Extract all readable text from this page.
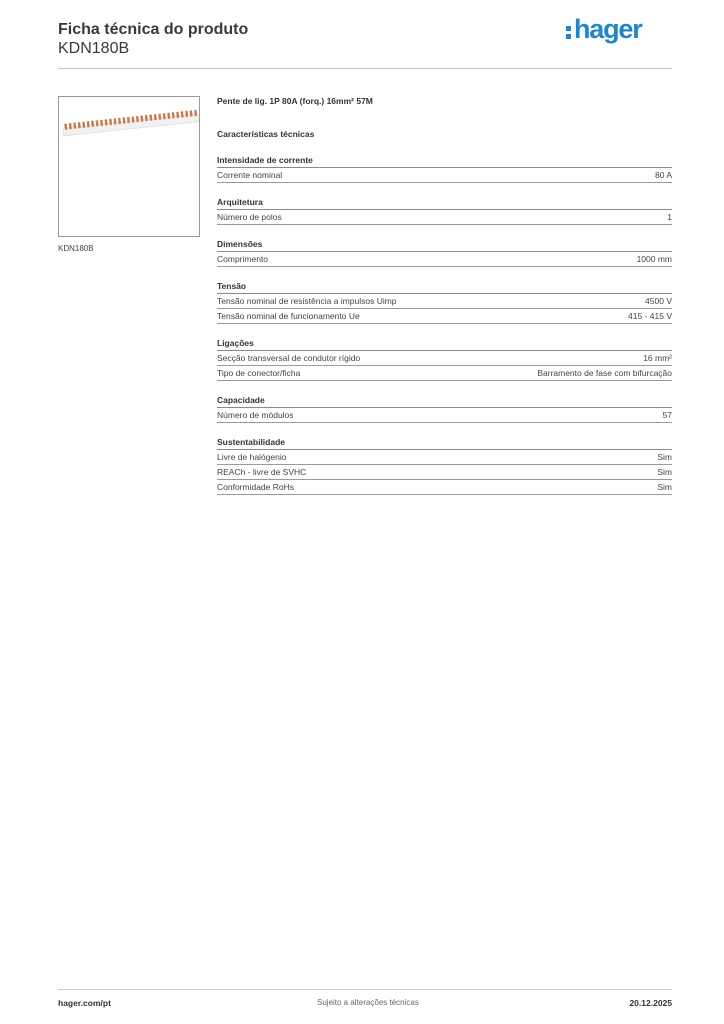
Ficha técnica do produto
KDN180B
hager
KDN180B
Pente de lig. 1P 80A (forq.) 16mm² 57M
Características técnicas
Intensidade de corrente
Corrente nominal	80 A
Arquitetura
Número de polos	1
Dimensões
Comprimento	1000 mm
Tensão
Tensão nominal de resistência a impulsos Uimp	4500 V
Tensão nominal de funcionamento Ue	415 - 415 V
Ligações
Secção transversal de condutor rígido	16 mm²
Tipo de conector/ficha	Barramento de fase com bifurcação
Capacidade
Número de módulos	57
Sustentabilidade
Livre de halógenio	Sim
REACh - livre de SVHC	Sim
Conformidade RoHs	Sim
hager.com/pt	Sujeito a alterações técnicas	20.12.2025
